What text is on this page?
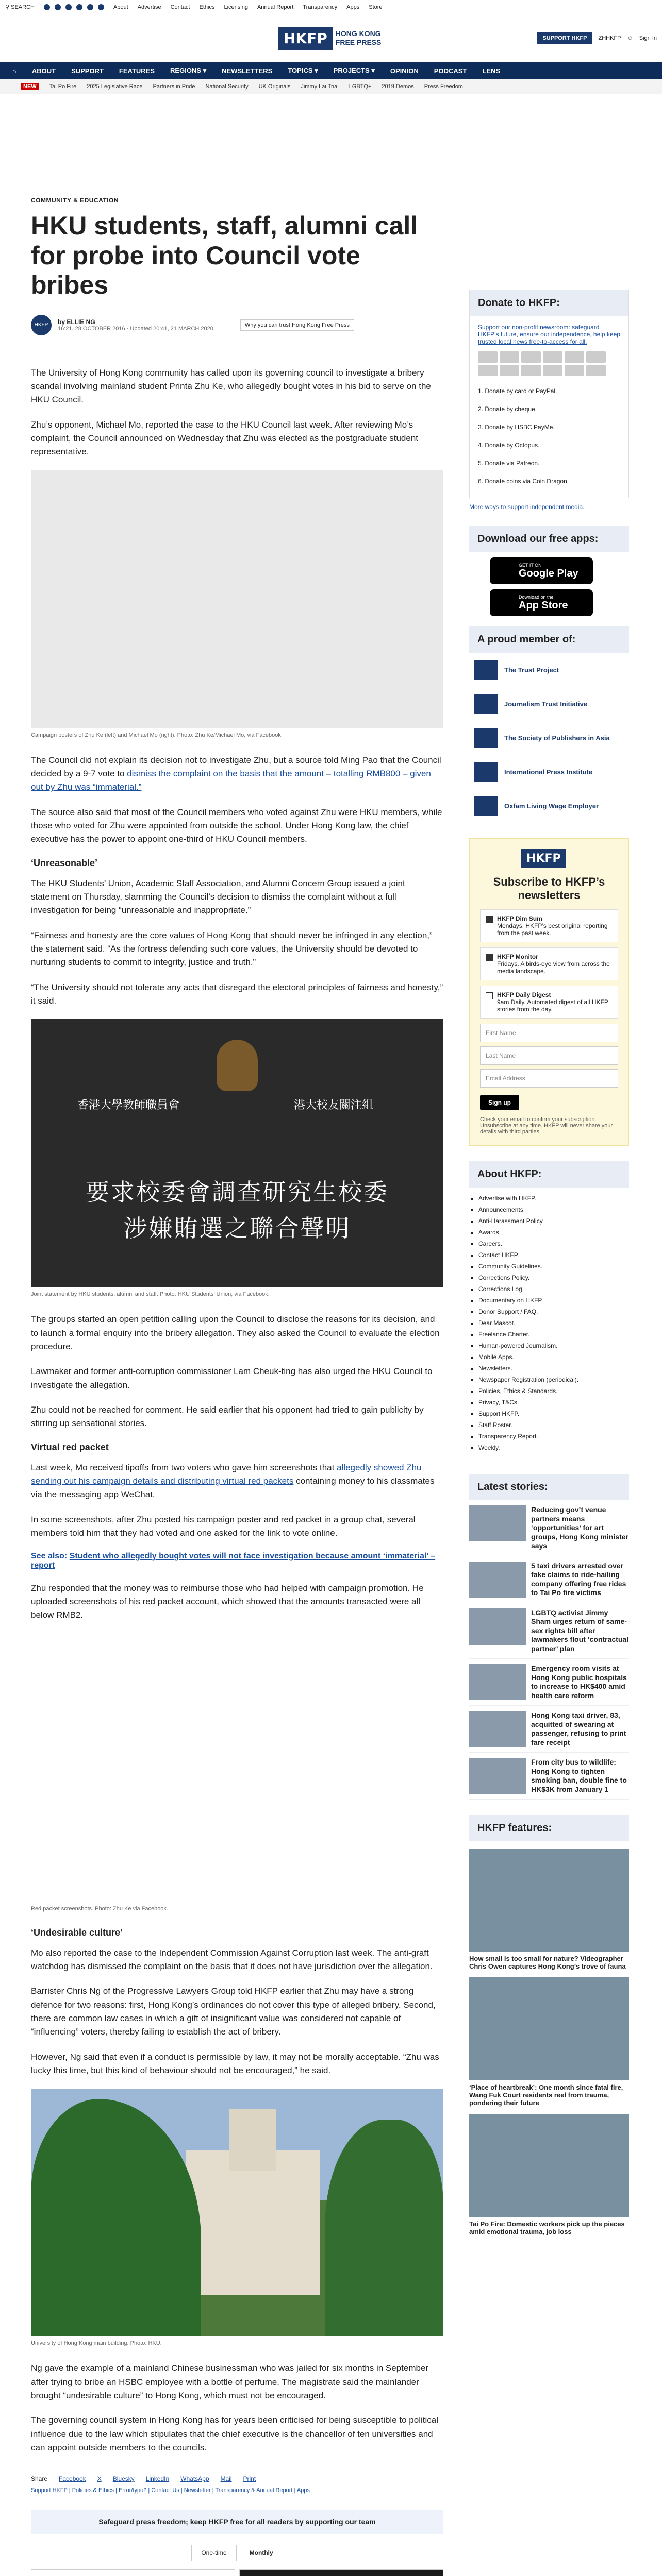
⚲ SEARCH	About Advertise Contact Ethics Licensing Annual Report Transparency Apps Store
HKFP	HONG KONG
FREE PRESS	SUPPORT HKFP	ZHHKFP ☺ Sign In
⌂ ABOUT SUPPORT FEATURES REGIONS ▾ NEWSLETTERS TOPICS ▾ PROJECTS ▾ OPINION PODCAST LENS
NEW	Tai Po Fire 2025 Legislative Race Partners in Pride National Security UK Originals Jimmy Lai Trial LGBTQ+ 2019 Demos Press Freedom
COMMUNITY & EDUCATION
HKU students, staff, alumni call for probe into Council vote bribes
HKFP	by ELLIE NG
16:21, 28 OCTOBER 2016 · Updated 20:41, 21 MARCH 2020
Why you can trust Hong Kong Free Press

The University of Hong Kong community has called upon its governing council to investigate a bribery scandal involving mainland student Printa Zhu Ke, who allegedly bought votes in his bid to serve on the HKU Council.

Zhu’s opponent, Michael Mo, reported the case to the HKU Council last week. After reviewing Mo’s complaint, the Council announced on Wednesday that Zhu was elected as the postgraduate student representative.

Campaign posters of Zhu Ke (left) and Michael Mo (right). Photo: Zhu Ke/Michael Mo, via Facebook.

The Council did not explain its decision not to investigate Zhu, but a source told Ming Pao that the Council decided by a 9-7 vote to dismiss the complaint on the basis that the amount – totalling RMB800 – given out by Zhu was “immaterial.”

The source also said that most of the Council members who voted against Zhu were HKU members, while those who voted for Zhu were appointed from outside the school. Under Hong Kong law, the chief executive has the power to appoint one-third of HKU Council members.

‘Unreasonable’

The HKU Students’ Union, Academic Staff Association, and Alumni Concern Group issued a joint statement on Thursday, slamming the Council’s decision to dismiss the complaint without a full investigation for being “unreasonable and inappropriate.”

“Fairness and honesty are the core values of Hong Kong that should never be infringed in any election,” the statement said. “As the fortress defending such core values, the University should be devoted to nurturing students to commit to integrity, justice and truth.”

“The University should not tolerate any acts that disregard the electoral principles of fairness and honesty,” it said.

香港大學教師職員會	港大校友關注組
要求校委會調查研究生校委
涉嫌賄選之聯合聲明
Joint statement by HKU students, alumni and staff. Photo: HKU Students’ Union, via Facebook.

The groups started an open petition calling upon the Council to disclose the reasons for its decision, and to launch a formal enquiry into the bribery allegation. They also asked the Council to evaluate the election procedure.

Lawmaker and former anti-corruption commissioner Lam Cheuk-ting has also urged the HKU Council to investigate the allegation.

Zhu could not be reached for comment. He said earlier that his opponent had tried to gain publicity by stirring up sensational stories.

Virtual red packet

Last week, Mo received tipoffs from two voters who gave him screenshots that allegedly showed Zhu sending out his campaign details and distributing virtual red packets containing money to his classmates via the messaging app WeChat.

In some screenshots, after Zhu posted his campaign poster and red packet in a group chat, several members told him that they had voted and one asked for the link to vote online.

See also: Student who allegedly bought votes will not face investigation because amount ‘immaterial’ – report

Zhu responded that the money was to reimburse those who had helped with campaign promotion. He uploaded screenshots of his red packet account, which showed that the amounts transacted were all below RMB2.

Red packet screenshots. Photo: Zhu Ke via Facebook.
‘Undesirable culture’

Mo also reported the case to the Independent Commission Against Corruption last week. The anti-graft watchdog has dismissed the complaint on the basis that it does not have jurisdiction over the allegation.

Barrister Chris Ng of the Progressive Lawyers Group told HKFP earlier that Zhu may have a strong defence for two reasons: first, Hong Kong’s ordinances do not cover this type of alleged bribery. Second, there are common law cases in which a gift of insignificant value was considered not capable of “influencing” voters, thereby failing to establish the act of bribery.

However, Ng said that even if a conduct is permissible by law, it may not be morally acceptable. “Zhu was lucky this time, but this kind of behaviour should not be encouraged,” he said.

University of Hong Kong main building. Photo: HKU.

Ng gave the example of a mainland Chinese businessman who was jailed for six months in September after trying to bribe an HSBC employee with a bottle of perfume. The magistrate said the mainlander brought “undesirable culture” to Hong Kong, which must not be encouraged.

The governing council system in Hong Kong has for years been criticised for being susceptible to political influence due to the law which stipulates that the chief executive is the chancellor of ten universities and can appoint outside members to the councils.

Share Facebook X Bluesky LinkedIn WhatsApp Mail Print
Support HKFP | Policies & Ethics | Error/typo? | Contact Us | Newsletter | Transparency & Annual Report | Apps
Safeguard press freedom; keep HKFP free for all readers by supporting our team
One-time	Monthly
Donate to HKFP:
Support our non-profit newsroom: safeguard HKFP’s future, ensure our independence, help keep trusted local news free-to-access for all.
1. Donate by card or PayPal.
2. Donate by cheque.
3. Donate by HSBC PayMe.
4. Donate by Octopus.
5. Donate via Patreon.
6. Donate coins via Coin Dragon.
More ways to support independent media.
Download our free apps:
GET IT ON
Google Play
Download on the
App Store
A proud member of:
The Trust Project
Journalism Trust Initiative
The Society of Publishers in Asia
International Press Institute
Oxfam Living Wage Employer
HKFP
Subscribe to HKFP’s newsletters
HKFP Dim Sum
Mondays. HKFP’s best original reporting from the past week.
HKFP Monitor
Fridays. A birds-eye view from across the media landscape.
HKFP Daily Digest
9am Daily. Automated digest of all HKFP stories from the day.
First Name
Last Name
Email Address
Sign up
Check your email to confirm your subscription. Unsubscribe at any time. HKFP will never share your details with third parties.
About HKFP:
▪ Advertise with HKFP.
▪ Announcements.
▪ Anti-Harassment Policy.
▪ Awards.
▪ Careers.
▪ Contact HKFP.
▪ Community Guidelines.
▪ Corrections Policy.
▪ Corrections Log.
▪ Documentary on HKFP.
▪ Donor Support / FAQ.
▪ Dear Mascot.
▪ Freelance Charter.
▪ Human-powered Journalism.
▪ Mobile Apps.
▪ Newsletters.
▪ Newspaper Registration (periodical).
▪ Policies, Ethics & Standards.
▪ Privacy, T&Cs.
▪ Support HKFP.
▪ Staff Roster.
▪ Transparency Report.
▪ Weekly.
Latest stories:
Reducing gov’t venue partners means ‘opportunities’ for art groups, Hong Kong minister says
5 taxi drivers arrested over fake claims to ride-hailing company offering free rides to Tai Po fire victims
LGBTQ activist Jimmy Sham urges return of same-sex rights bill after lawmakers flout ‘contractual partner’ plan
Emergency room visits at Hong Kong public hospitals to increase to HK$400 amid health care reform
Hong Kong taxi driver, 83, acquitted of swearing at passenger, refusing to print fare receipt
From city bus to wildlife: Hong Kong to tighten smoking ban, double fine to HK$3K from January 1
HKFP features:
How small is too small for nature? Videographer Chris Owen captures Hong Kong’s trove of fauna
‘Place of heartbreak’: One month since fatal fire, Wang Fuk Court residents reel from trauma, pondering their future
Tai Po Fire: Domestic workers pick up the pieces amid emotional trauma, job loss
